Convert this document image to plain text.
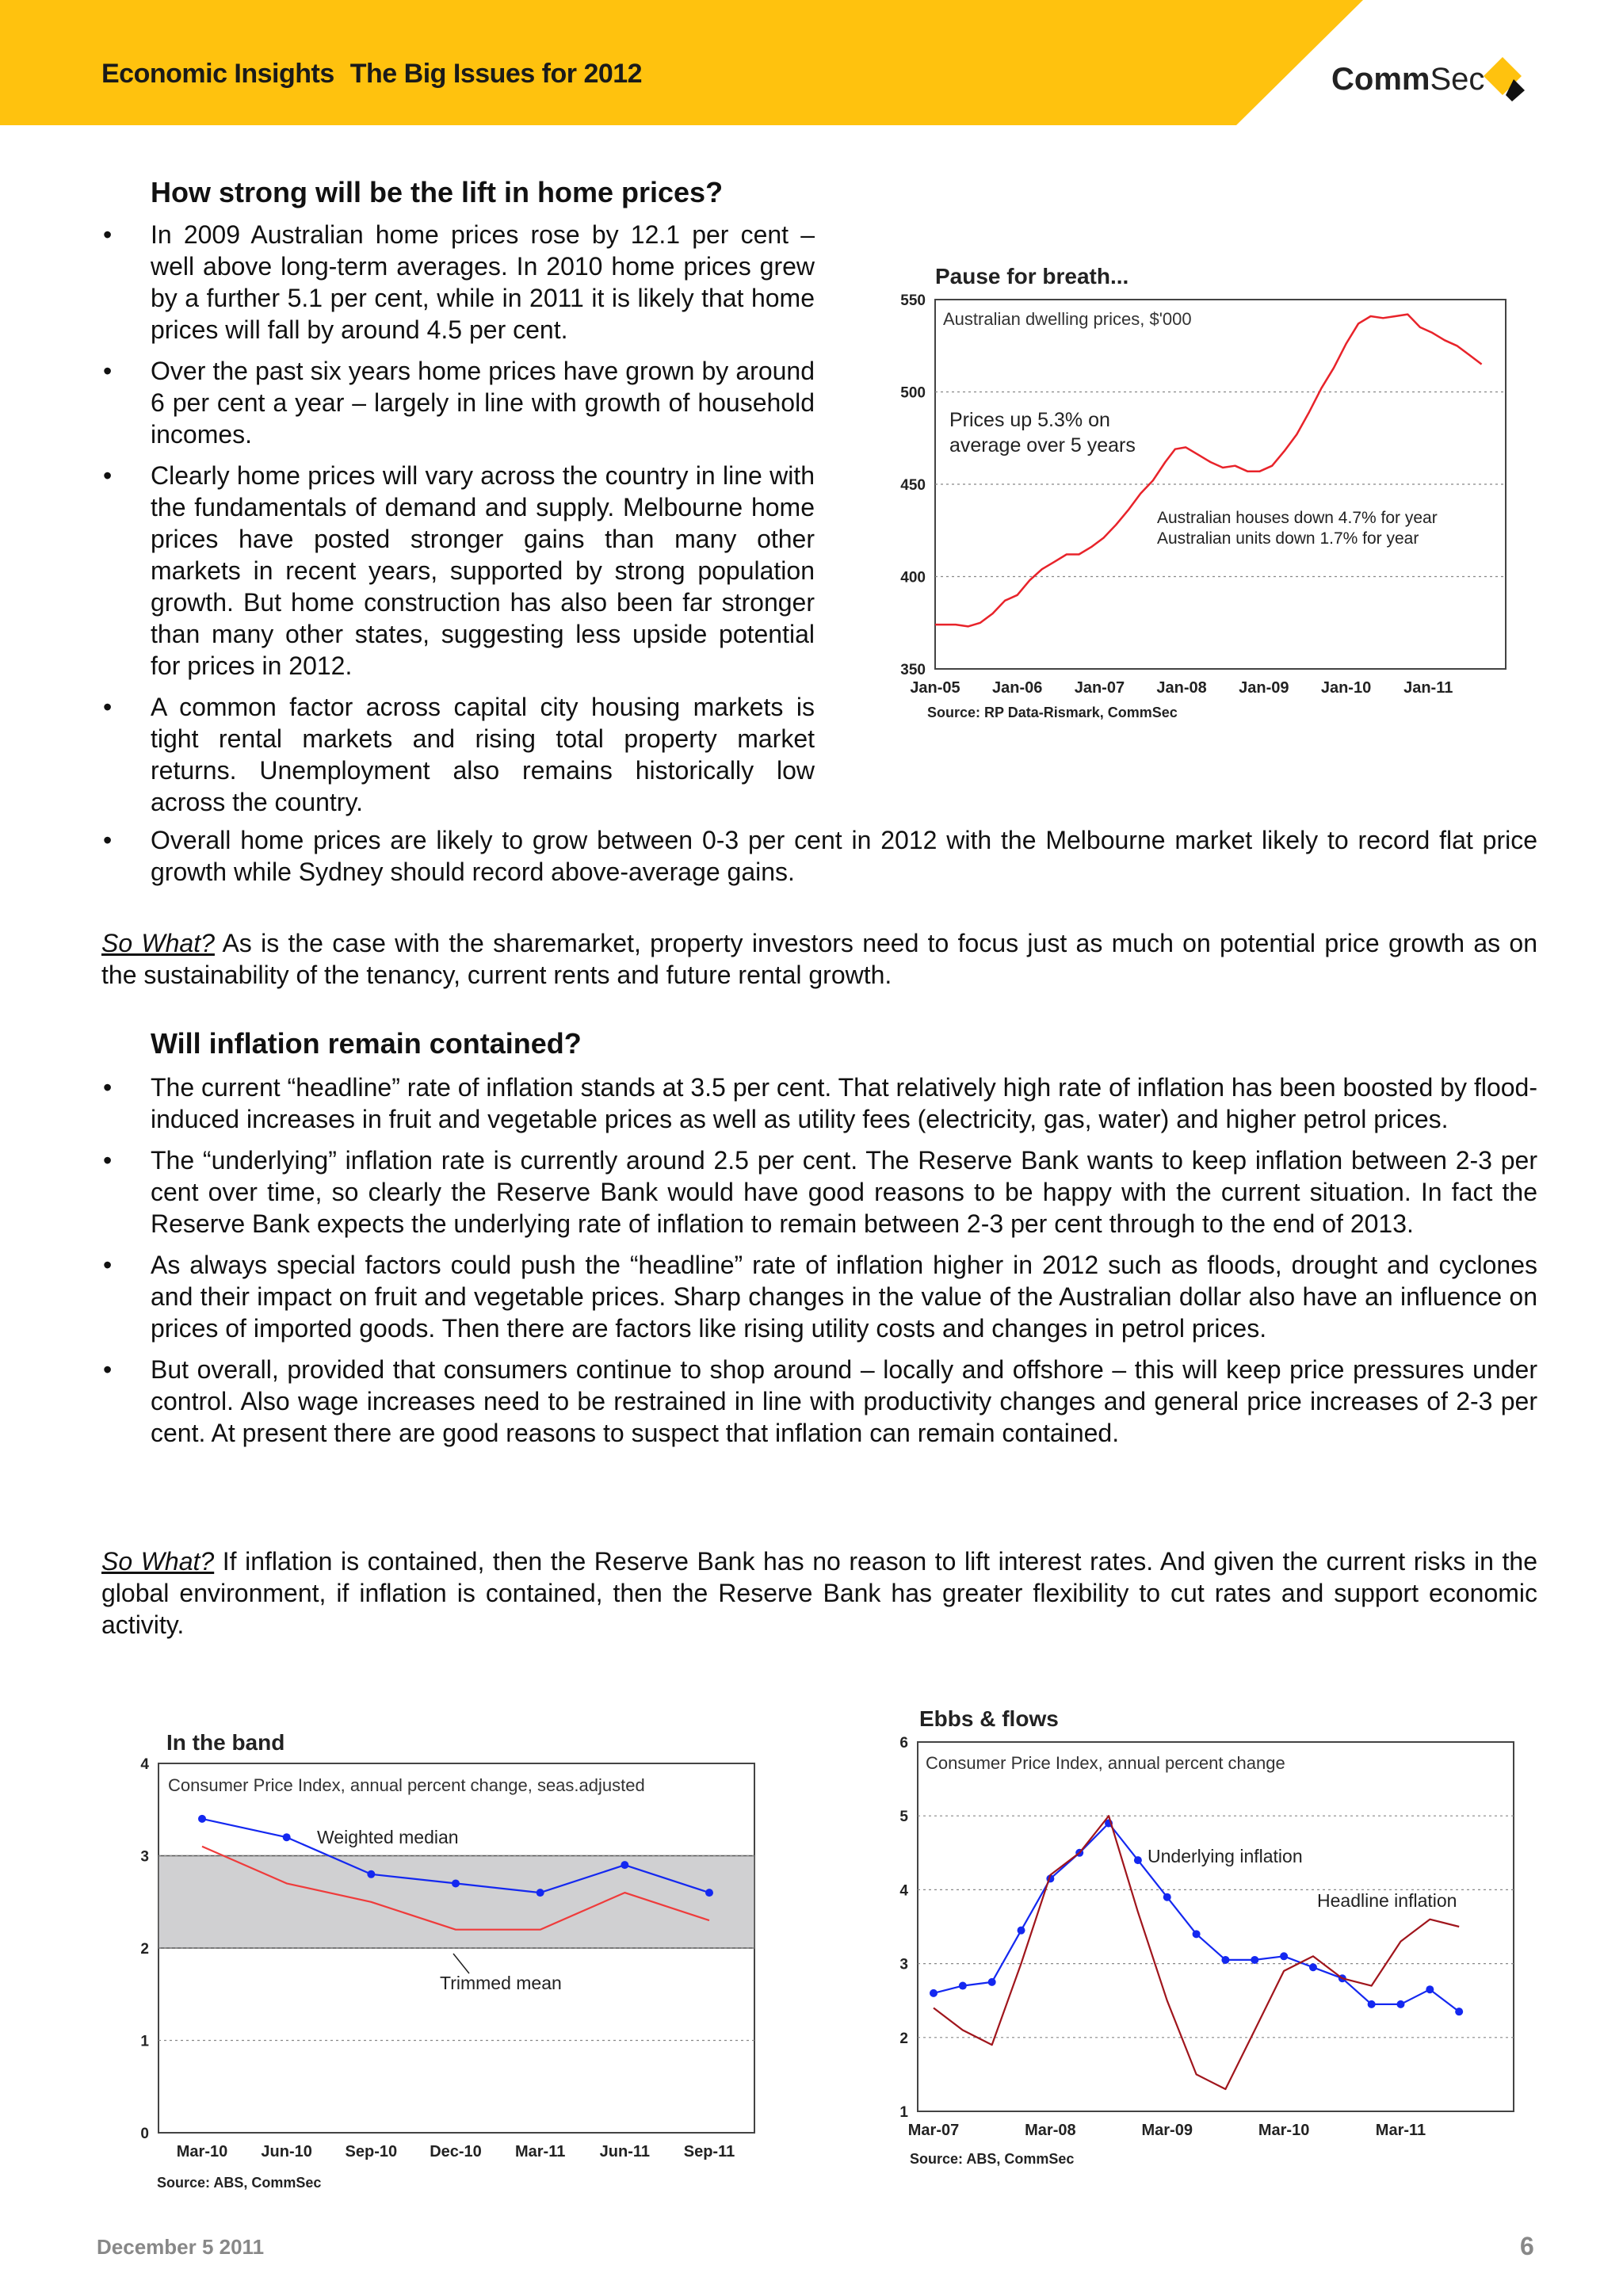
Economic Insights The Big Issues for 2012	CommSec
How strong will be the lift in home prices?
• In 2009 Australian home prices rose by 12.1 per cent – well above long-term averages. In 2010 home prices grew by a further 5.1 per cent, while in 2011 it is likely that home prices will fall by around 4.5 per cent.
• Over the past six years home prices have grown by around 6 per cent a year – largely in line with growth of household incomes.
• Clearly home prices will vary across the country in line with the fundamentals of demand and supply. Melbourne home prices have posted stronger gains than many other markets in recent years, supported by strong population growth. But home construction has also been far stronger than many other states, suggesting less upside potential for prices in 2012.
• A common factor across capital city housing markets is tight rental markets and rising total property market returns. Unemployment also remains historically low across the country.
• Overall home prices are likely to grow between 0-3 per cent in 2012 with the Melbourne market likely to record flat price growth while Sydney should record above-average gains.
So What? As is the case with the sharemarket, property investors need to focus just as much on potential price growth as on the sustainability of the tenancy, current rents and future rental growth.
Pause for breath...
350
400
450
500
550
Jan-05 Jan-06 Jan-07 Jan-08 Jan-09 Jan-10 Jan-11
Australian dwelling prices, $'000
Prices up 5.3% on
average over 5 years
Australian houses down 4.7% for year
Australian units down 1.7% for year
Source: RP Data-Rismark, CommSec
Will inflation remain contained?
• The current “headline” rate of inflation stands at 3.5 per cent. That relatively high rate of inflation has been boosted by flood-induced increases in fruit and vegetable prices as well as utility fees (electricity, gas, water) and higher petrol prices.
• The “underlying” inflation rate is currently around 2.5 per cent. The Reserve Bank wants to keep inflation between 2-3 per cent over time, so clearly the Reserve Bank would have good reasons to be happy with the current situation. In fact the Reserve Bank expects the underlying rate of inflation to remain between 2-3 per cent through to the end of 2013.
• As always special factors could push the “headline” rate of inflation higher in 2012 such as floods, drought and cyclones and their impact on fruit and vegetable prices. Sharp changes in the value of the Australian dollar also have an influence on prices of imported goods. Then there are factors like rising utility costs and changes in petrol prices.
• But overall, provided that consumers continue to shop around – locally and offshore – this will keep price pressures under control. Also wage increases need to be restrained in line with productivity changes and general price increases of 2-3 per cent. At present there are good reasons to suspect that inflation can remain contained.
So What? If inflation is contained, then the Reserve Bank has no reason to lift interest rates. And given the current risks in the global environment, if inflation is contained, then the Reserve Bank has greater flexibility to cut rates and support economic activity.
In the band
0
1
2
3
4
Mar-10 Jun-10 Sep-10 Dec-10 Mar-11 Jun-11 Sep-11
Consumer Price Index, annual percent change, seas.adjusted
Weighted median
Trimmed mean
Source: ABS, CommSec
Ebbs & flows
1
2
3
4
5
6
Mar-07	Mar-08	Mar-09	Mar-10	Mar-11
Consumer Price Index, annual percent change
Underlying inflation
Headline inflation
Source: ABS, CommSec
December 5 2011	6
